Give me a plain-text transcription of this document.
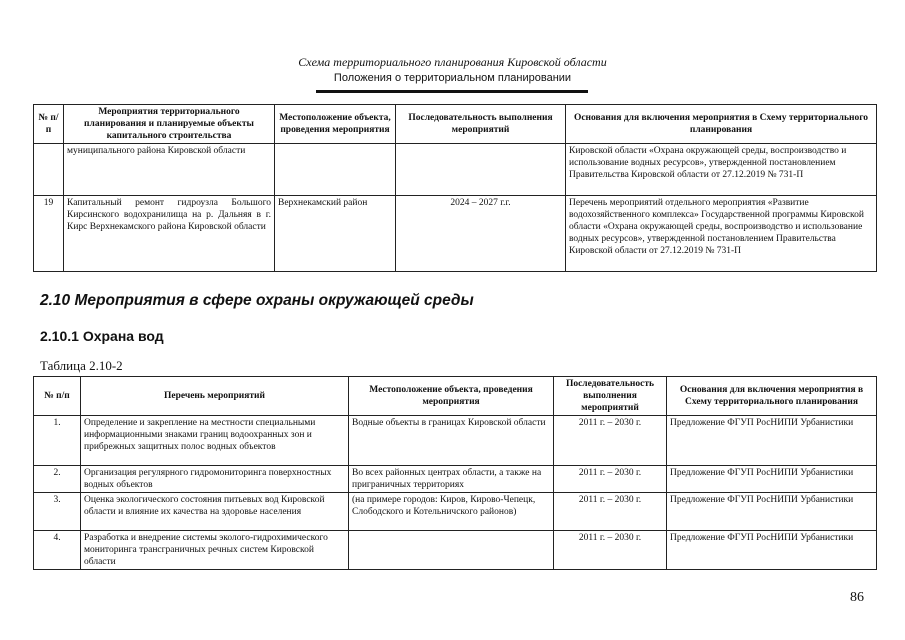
Схема территориального планирования Кировской области
Положения о территориальном планировании
№ п/п	Мероприятия территориального планирования и планируемые объекты капитального строительства	Местоположение объекта, проведения мероприятия	Последовательность выполнения мероприятий	Основания для включения мероприятия в Схему территориального планирования
	муниципального района Кировской области			Кировской области «Охрана окружающей среды, воспроизводство и использование водных ресурсов», утвержденной постановлением Правительства Кировской области от 27.12.2019 № 731-П
19	Капитальный ремонт гидроузла Большого Кирсинского водохранилища на р. Дальняя в г. Кирс Верхнекамского района Кировской области	Верхнекамский район	2024 – 2027 г.г.	Перечень мероприятий отдельного мероприятия «Развитие водохозяйственного комплекса» Государственной программы Кировской области «Охрана окружающей среды, воспроизводство и использование водных ресурсов», утвержденной постановлением Правительства Кировской области от 27.12.2019 № 731-П
2.10 Мероприятия в сфере охраны окружающей среды
2.10.1 Охрана вод
Таблица 2.10-2
№ п/п	Перечень мероприятий	Местоположение объекта, проведения мероприятия	Последовательность выполнения мероприятий	Основания для включения мероприятия в Схему территориального планирования
1.	Определение и закрепление на местности специальными информационными знаками границ водоохранных зон и прибрежных защитных полос водных объектов	Водные объекты в границах Кировской области	2011 г. – 2030 г.	Предложение ФГУП РосНИПИ Урбанистики
2.	Организация регулярного гидромониторинга поверхностных водных объектов	Во всех районных центрах области, а также на приграничных территориях	2011 г. – 2030 г.	Предложение ФГУП РосНИПИ Урбанистики
3.	Оценка экологического состояния питьевых вод Кировской области и влияние их качества на здоровье населения	(на примере городов: Киров, Кирово-Чепецк, Слободского и Котельничского районов)	2011 г. – 2030 г.	Предложение ФГУП РосНИПИ Урбанистики
4.	Разработка и внедрение системы эколого-гидрохимического мониторинга трансграничных речных систем Кировской области		2011 г. – 2030 г.	Предложение ФГУП РосНИПИ Урбанистики
86
